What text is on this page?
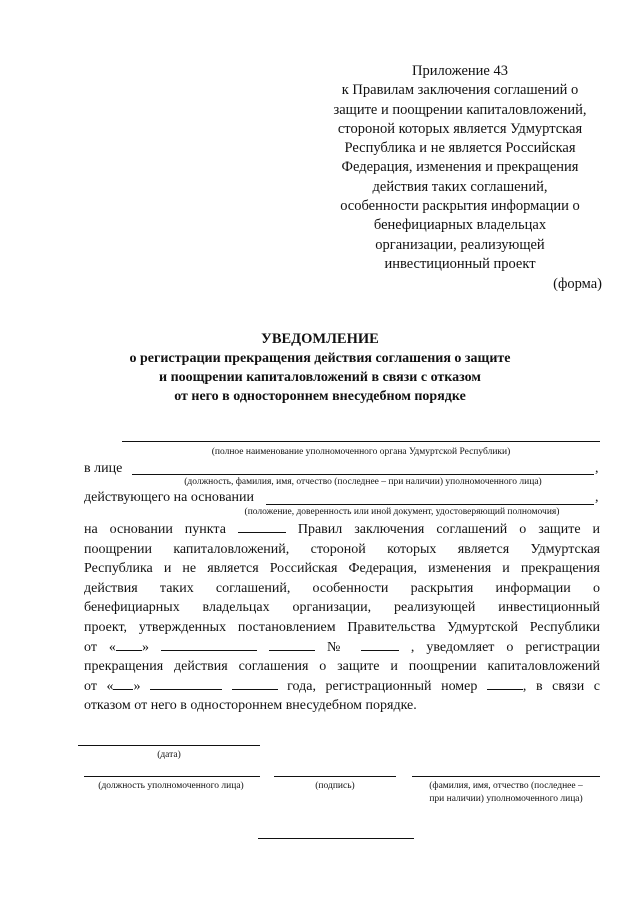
Приложение 43
к Правилам заключения соглашений о
защите и поощрении капиталовложений,
стороной которых является Удмуртская
Республика и не является Российская
Федерация, изменения и прекращения
действия таких соглашений,
особенности раскрытия информации о
бенефициарных владельцах
организации, реализующей
инвестиционный проект
(форма)
УВЕДОМЛЕНИЕ
о регистрации прекращения действия соглашения о защите
и поощрении капиталовложений в связи с отказом
от него в одностороннем внесудебном порядке
(полное наименование уполномоченного органа Удмуртской Республики)
в лице	,
(должность, фамилия, имя, отчество (последнее – при наличии) уполномоченного лица)
действующего на основании	,
(положение, доверенность или иной документ, удостоверяющий полномочия)
на основании пункта	Правил заключения соглашений о защите и
поощрении капиталовложений, стороной которых является Удмуртская
Республика и не является Российская Федерация, изменения и прекращения
действия таких соглашений, особенности раскрытия информации о
бенефициарных владельцах организации, реализующей инвестиционный
проект, утвержденных постановлением Правительства Удмуртской Республики
от « »	№	, уведомляет о регистрации
прекращения действия соглашения о защите и поощрении капиталовложений
от « »	года, регистрационный номер	, в связи с
отказом от него в одностороннем внесудебном порядке.
(дата)
(должность уполномоченного лица)	(подпись)	(фамилия, имя, отчество (последнее –
при наличии) уполномоченного лица)
